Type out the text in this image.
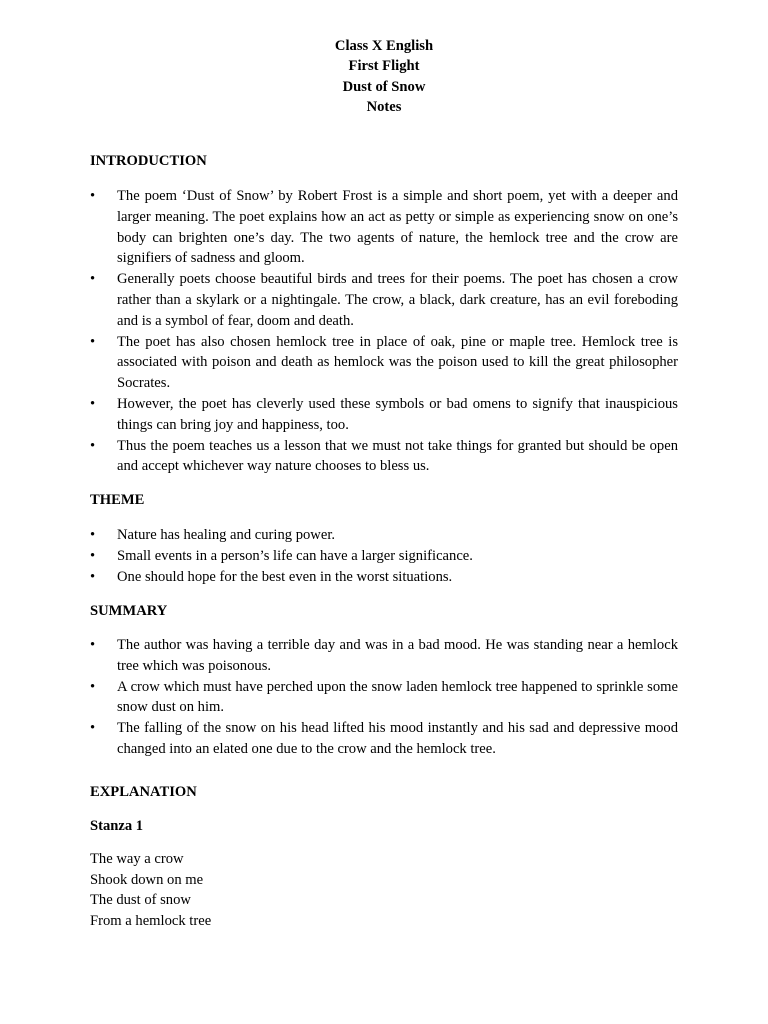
Class X English
First Flight
Dust of Snow
Notes
INTRODUCTION
•	The poem ‘Dust of Snow’ by Robert Frost is a simple and short poem, yet with a deeper and larger meaning. The poet explains how an act as petty or simple as experiencing snow on one’s body can brighten one’s day. The two agents of nature, the hemlock tree and the crow are signifiers of sadness and gloom.
•	Generally poets choose beautiful birds and trees for their poems. The poet has chosen a crow rather than a skylark or a nightingale. The crow, a black, dark creature, has an evil foreboding and is a symbol of fear, doom and death.
•	The poet has also chosen hemlock tree in place of oak, pine or maple tree. Hemlock tree is associated with poison and death as hemlock was the poison used to kill the great philosopher Socrates.
•	However, the poet has cleverly used these symbols or bad omens to signify that inauspicious things can bring joy and happiness, too.
•	Thus the poem teaches us a lesson that we must not take things for granted but should be open and accept whichever way nature chooses to bless us.
THEME
•	Nature has healing and curing power.
•	Small events in a person’s life can have a larger significance.
•	One should hope for the best even in the worst situations.
SUMMARY
•	The author was having a terrible day and was in a bad mood. He was standing near a hemlock tree which was poisonous.
•	A crow which must have perched upon the snow laden hemlock tree happened to sprinkle some snow dust on him.
•	The falling of the snow on his head lifted his mood instantly and his sad and depressive mood changed into an elated one due to the crow and the hemlock tree.
EXPLANATION
Stanza 1
The way a crow
Shook down on me
The dust of snow
From a hemlock tree
